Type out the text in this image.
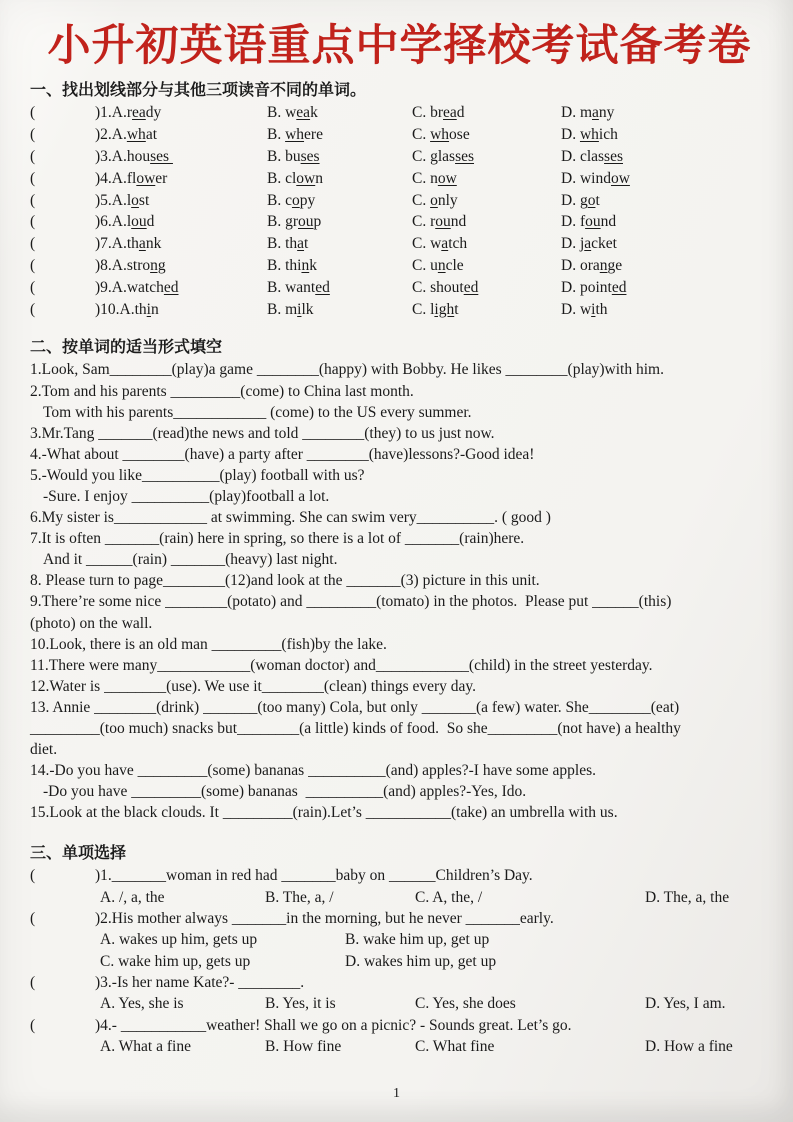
小升初英语重点中学择校考试备考卷
一、找出划线部分与其他三项读音不同的单词。
(	)1.A.ready	B. weak	C. bread	D. many
(	)2.A.what	B. where	C. whose	D. which
(	)3.A.houses	B. buses	C. glasses	D. classes
(	)4.A.flower	B. clown	C. now	D. window
(	)5.A.lost	B. copy	C. only	D. got
(	)6.A.loud	B. group	C. round	D. found
(	)7.A.thank	B. that	C. watch	D. jacket
(	)8.A.strong	B. think	C. uncle	D. orange
(	)9.A.watched	B. wanted	C. shouted	D. pointed
(	)10.A.thin	B. milk	C. light	D. with
二、按单词的适当形式填空
1.Look, Sam________(play)a game ________(happy) with Bobby. He likes ________(play)with him.
2.Tom and his parents _________(come) to China last month.
Tom with his parents____________ (come) to the US every summer.
3.Mr.Tang _______(read)the news and told ________(they) to us just now.
4.-What about ________(have) a party after ________(have)lessons?-Good idea!
5.-Would you like__________(play) football with us?
-Sure. I enjoy __________(play)football a lot.
6.My sister is____________ at swimming. She can swim very__________. ( good )
7.It is often _______(rain) here in spring, so there is a lot of _______(rain)here.
And it ______(rain) _______(heavy) last night.
8. Please turn to page________(12)and look at the _______(3) picture in this unit.
9.There’re some nice ________(potato) and _________(tomato) in the photos.  Please put ______(this)
(photo) on the wall.
10.Look, there is an old man _________(fish)by the lake.
11.There were many____________(woman doctor) and____________(child) in the street yesterday.
12.Water is ________(use). We use it________(clean) things every day.
13. Annie ________(drink) _______(too many) Cola, but only _______(a few) water. She________(eat)
_________(too much) snacks but________(a little) kinds of food.  So she_________(not have) a healthy
diet.
14.-Do you have _________(some) bananas __________(and) apples?-I have some apples.
-Do you have _________(some) bananas  __________(and) apples?-Yes, Ido.
15.Look at the black clouds. It _________(rain).Let’s ___________(take) an umbrella with us.
三、单项选择
(	)1._______woman in red had _______baby on ______Children’s Day.
A. /, a, the	B. The, a, /	C. A, the, /	D. The, a, the
(	)2.His mother always _______in the morning, but he never _______early.
A. wakes up him, gets up	B. wake him up, get up
C. wake him up, gets up	D. wakes him up, get up
(	)3.-Is her name Kate?- ________.
A. Yes, she is	B. Yes, it is	C. Yes, she does	D. Yes, I am.
(	)4.- ___________weather! Shall we go on a picnic? - Sounds great. Let’s go.
A. What a fine	B. How fine	C. What fine	D. How a fine
1
